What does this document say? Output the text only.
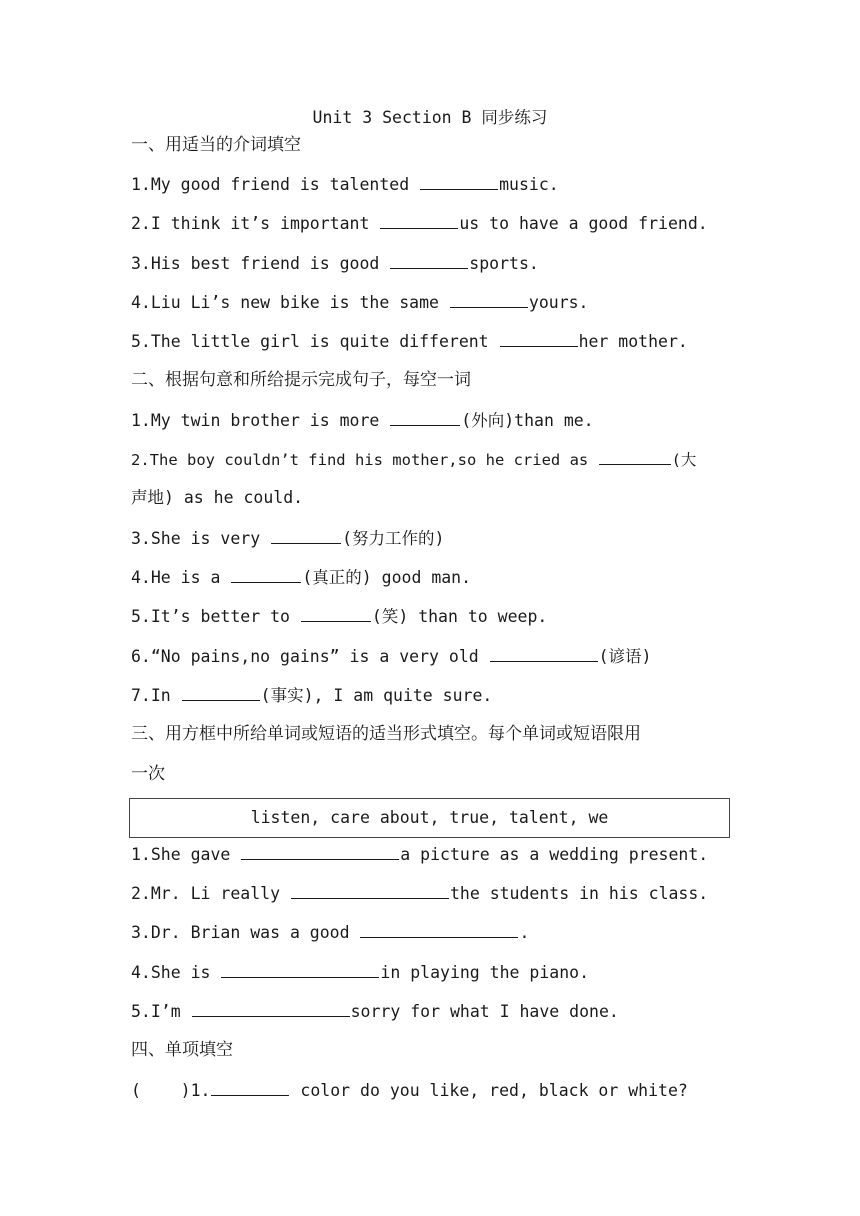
Unit 3 Section B 同步练习
一、用适当的介词填空
1.My good friend is talented	music.
2.I think it’s important	us to have a good friend.
3.His best friend is good	sports.
4.Liu Li’s new bike is the same	yours.
5.The little girl is quite different	her mother.
二、根据句意和所给提示完成句子，每空一词
1.My twin brother is more	(外向)than me.
2.The boy couldn’t find his mother,so he cried as	(大
声地) as he could.
3.She is very	(努力工作的)
4.He is a	(真正的) good man.
5.It’s better to	(笑) than to weep.
6.“No pains,no gains” is a very old	(谚语)
7.In	(事实), I am quite sure.
三、用方框中所给单词或短语的适当形式填空。每个单词或短语限用
一次
listen, care about, true, talent, we
1.She gave	a picture as a wedding present.
2.Mr. Li really	the students in his class.
3.Dr. Brian was a good	.
4.She is	in playing the piano.
5.I’m	sorry for what I have done.
四、单项填空
(    )1.	color do you like, red, black or white?
